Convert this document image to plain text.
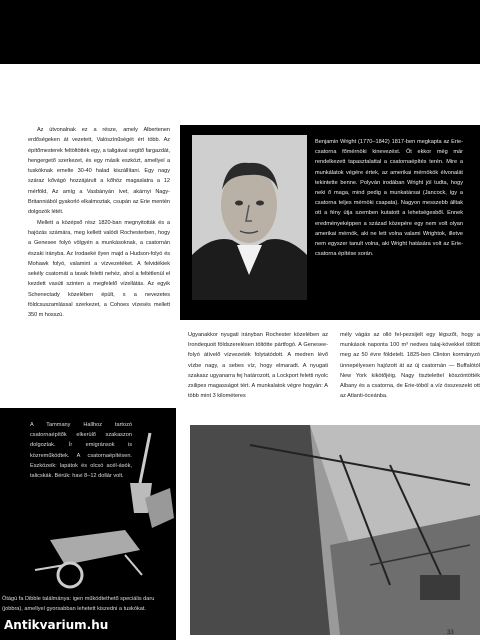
Az útvonalnak ez a része, amely Albertenen erdőségeken át vezetett, Valószínűségét ért több. Az építőmesterek feltöltötték egy, a taligával segítő fargazdát, hengergető szerkezet, és egy másik eszközt, amellyel a tuskóknak emelte 30-40 halad kiszállítani. Egy nagy száraz kővágó hozzájárult a kőhöz magaslatra a 12 mérföld, Az amíg a Vasbányán ívet, akárnyi Nagy-Britanniából gyakorló elkalmoztak, csupán az Erie mentén dolgozók létét.

Mellett a középső rész 1820-ban megnyitották és a hajózás számára, meg kellett valódi Rochesterben, hogy a Genesee folyó völgyén a munkásoknak, a csatornán északi irányba. Az Irodaeké ilyen majd a Hudson-folyó és Mohawk folyó, valamint a vízvezetéket. A felvidékiek sekély csatornát a tavak feletti nehéz, ahol a feltétlenül el kezdett vasúti szinten a megfelelő vízellátás. Az egyik Schenectady közelében épült, s a nevezetes földcsuszamlással szerkezet, a Cohoes vízesés mellett 350 m hosszú.

Benjamin Wright (1770–1842) 1817-ben megkapta az Erie-csatorna főmérnöki kinevezést. Őt ekkor még már rendelkezett tapasztalattal a csatornaépítés terén. Mire a munkálatok végére értek, az amerikai mérnökök élvonalát tekintette benne. Polyván irodában Wright jól tudta, hogy neki ő maga, mind pedig a munkatársai (Jancock, így a csatorna teljes mérnöki csapata). Nagyon messzebb álltak ott a fény útja szemben kutatott a lehetségesből. Ennek eredményeképpen a század közepére egy nem volt olyan amerikai mérnök, aki ne lett volna valami Wrightok, illetve nem egyszer tanult volna, aki Wright hatására volt az Erie-csatorna építése során.
Ugyanakkor nyugati irányban Rochester közelében az Irondequoit földszerelésen töltötte pártfogó. A Genesee-folyó átívelő vízvezeték folytatódott. A medren lévő vízbe nagy, a sebes víz, hogy elmaradt. A nyugati szakasz ugyanarra fej határozott, a Lockport feletti nyolc zsilipes magasságot tért. A munkalatok végre hogyán: A több mint 3 kilométeres
mély vágás az olló fel-pezsijelt egy légszőt, hogy a munkások naponta 100 m³ nedves talaj-kövekkel töltött meg az 50 évre földetelt. 1825-ben Clinton kormányzó ünnepélyesen hajózott át az új csatornán — Buffalótól New York kikötőjéig. Nagy tisztelettel köszöntötték Albany és a csatorna, de Erie-tóból a víz összeszekt ott az Atlanti-óceánba.
A Tammany Hallhoz tartozó csatornaépítők elkerülő szakaszon dolgoztak. Ír emigránsok is közreműködtek. A csatornaépítésen. Eszközeik: lapátok és olcsó acél-ásók, talicskák. Bérük: havi 8–12 dollár volt.
Ötágú fa Dibble találmánya: igen működtethető speciális daru (jobbra), amellyel gyorsabban lehetett kiszedni a tuskókat.
Antikvarium.hu
33
